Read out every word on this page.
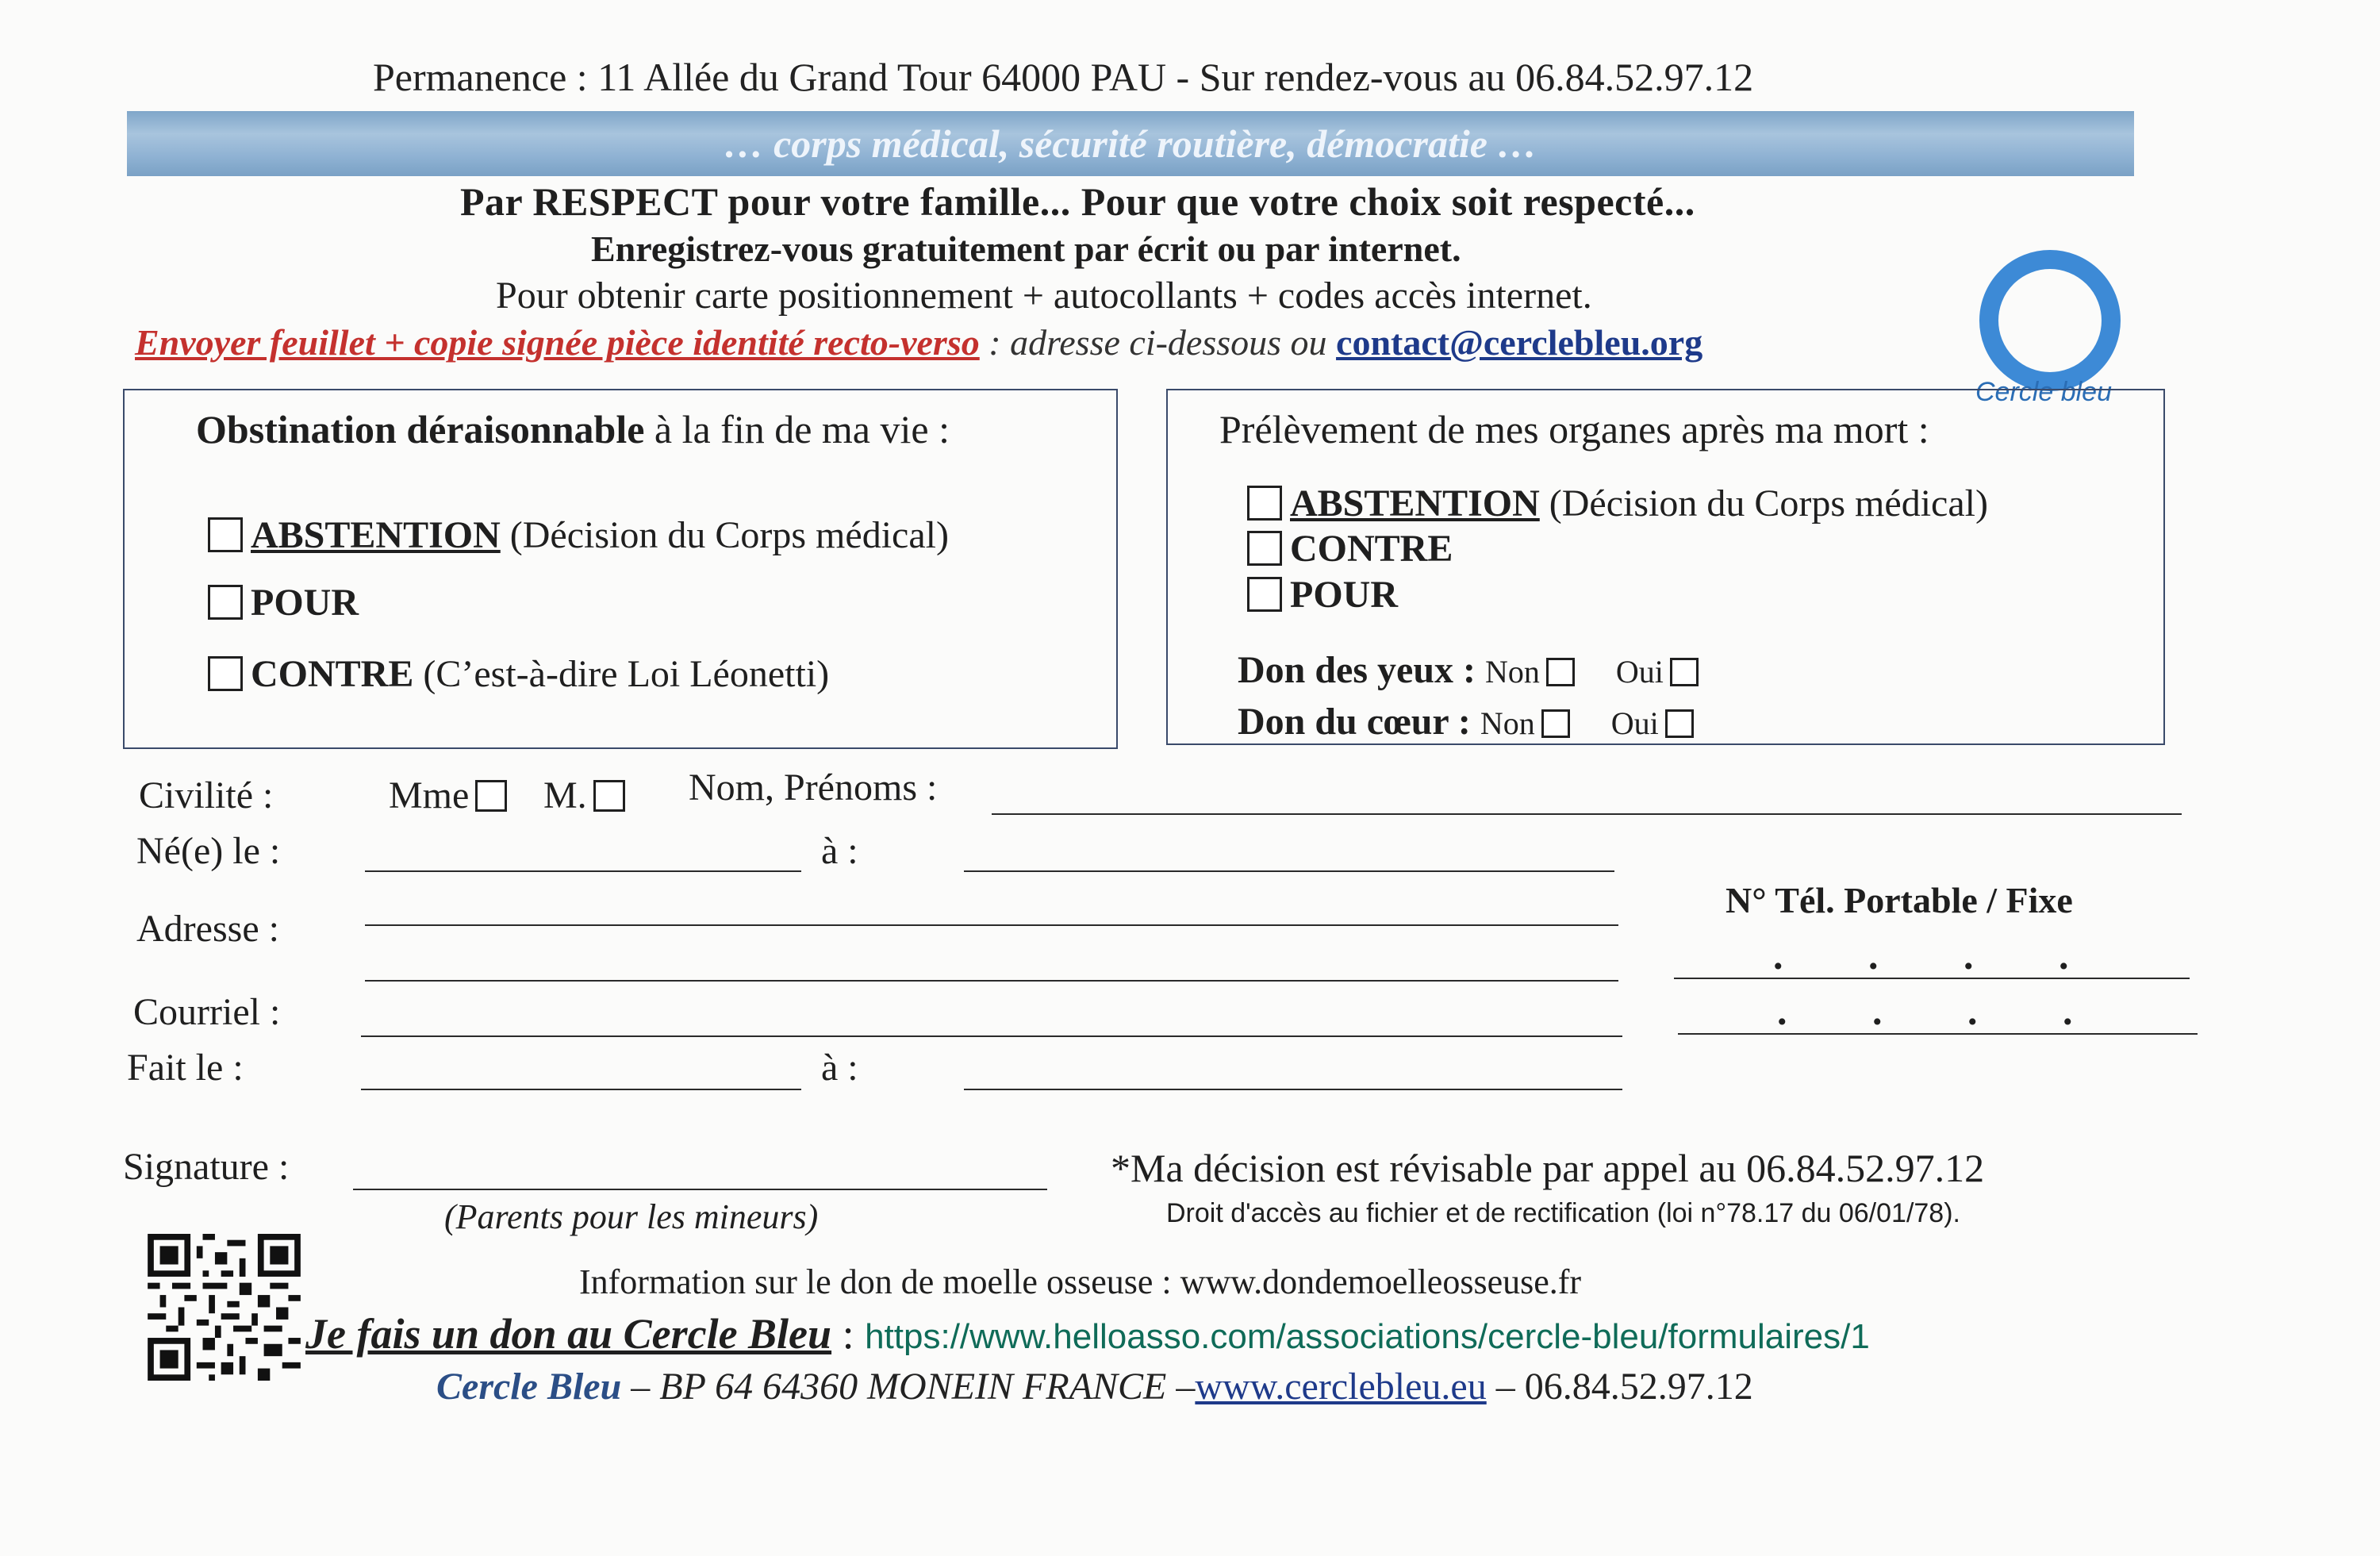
Permanence : 11 Allée du Grand Tour 64000 PAU - Sur rendez-vous au 06.84.52.97.12
… corps médical, sécurité routière, démocratie …
Par RESPECT pour votre famille... Pour que votre choix soit respecté...
Enregistrez-vous gratuitement par écrit ou par internet.
Pour obtenir carte positionnement + autocollants + codes accès internet.
Envoyer feuillet + copie signée pièce identité recto-verso : adresse ci-dessous ou contact@cerclebleu.org
Cercle bleu
Obstination déraisonnable à la fin de ma vie :
ABSTENTION (Décision du Corps médical)
POUR
CONTRE (C’est-à-dire Loi Léonetti)
Prélèvement de mes organes après ma mort :
ABSTENTION (Décision du Corps médical)
CONTRE
POUR
Don des yeux : Non Oui
Don du cœur : Non Oui
Civilité :	Mme	M.	Nom, Prénoms :
Né(e) le :	à :
Adresse :
Courriel :
Fait le :	à :
N° Tél. Portable / Fixe
. . . .
. . . .
Signature :
(Parents pour les mineurs)
*Ma décision est révisable par appel au 06.84.52.97.12
Droit d'accès au fichier et de rectification (loi n°78.17 du 06/01/78).
Information sur le don de moelle osseuse : www.dondemoelleosseuse.fr
Je fais un don au Cercle Bleu : https://www.helloasso.com/associations/cercle-bleu/formulaires/1
Cercle Bleu – BP 64 64360 MONEIN FRANCE –www.cerclebleu.eu – 06.84.52.97.12
